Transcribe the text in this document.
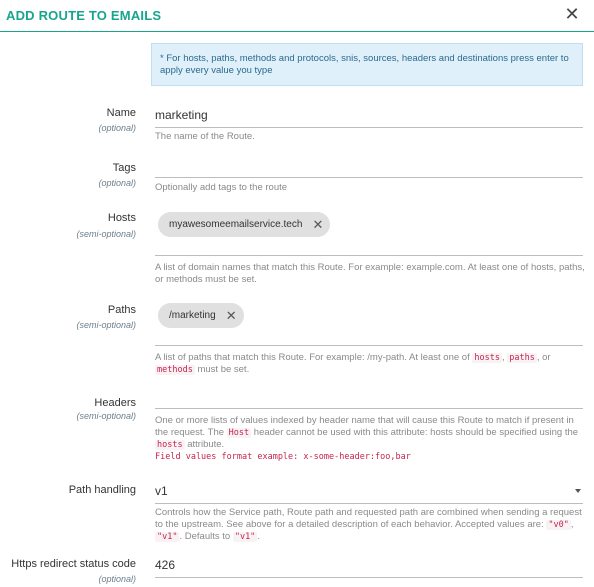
ADD ROUTE TO EMAILS	✕
* For hosts, paths, methods and protocols, snis, sources, headers and destinations press enter to apply every value you type
Name
(optional)
marketing
The name of the Route.
Tags
(optional) Optionally add tags to the route
Hosts
(semi-optional)
myawesomeemailservice.tech ✕
A list of domain names that match this Route. For example: example.com. At least one of hosts, paths, or methods must be set.
Paths
(semi-optional)
/marketing ✕
A list of paths that match this Route. For example: /my-path. At least one of hosts , paths , or methods must be set.
Headers
(semi-optional) One or more lists of values indexed by header name that will cause this Route to match if present in the request. The Host header cannot be used with this attribute: hosts should be specified using the hosts attribute.
Field values format example: x-some-header:foo,bar
Path handling v1
Controls how the Service path, Route path and requested path are combined when sending a request to the upstream. See above for a detailed description of each behavior. Accepted values are: "v0" , "v1" . Defaults to "v1" .
Https redirect status code
(optional)
426
